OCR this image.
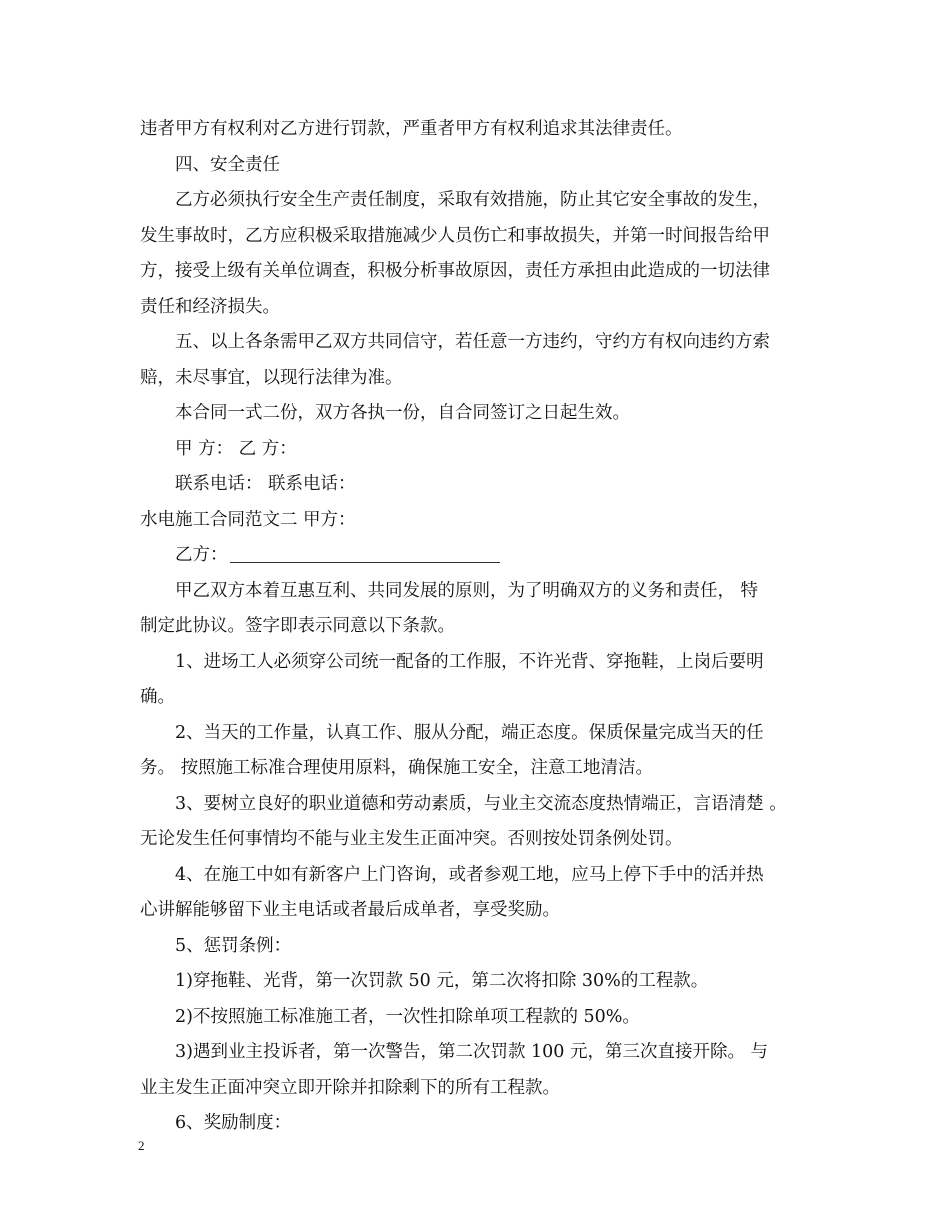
违者甲方有权利对乙方进行罚款，严重者甲方有权利追求其法律责任。
四、安全责任
乙方必须执行安全生产责任制度，采取有效措施，防止其它安全事故的发生，
发生事故时，乙方应积极采取措施减少人员伤亡和事故损失，并第一时间报告给甲
方，接受上级有关单位调查，积极分析事故原因，责任方承担由此造成的一切法律
责任和经济损失。
五、以上各条需甲乙双方共同信守，若任意一方违约，守约方有权向违约方索
赔，未尽事宜，以现行法律为准。
本合同一式二份，双方各执一份，自合同签订之日起生效。
甲 方： 乙 方：
联系电话： 联系电话：
水电施工合同范文二 甲方：
乙方：
甲乙双方本着互惠互利、共同发展的原则，为了明确双方的义务和责任， 特
制定此协议。签字即表示同意以下条款。
1、进场工人必须穿公司统一配备的工作服，不许光背、穿拖鞋，上岗后要明
确。
2、当天的工作量，认真工作、服从分配，端正态度。保质保量完成当天的任
务。 按照施工标准合理使用原料，确保施工安全，注意工地清洁。
3、要树立良好的职业道德和劳动素质，与业主交流态度热情端正，言语清楚 。
无论发生任何事情均不能与业主发生正面冲突。否则按处罚条例处罚。
4、在施工中如有新客户上门咨询，或者参观工地，应马上停下手中的活并热
心讲解能够留下业主电话或者最后成单者，享受奖励。
5、惩罚条例：
1)穿拖鞋、光背，第一次罚款 50 元，第二次将扣除 30%的工程款。
2)不按照施工标准施工者，一次性扣除单项工程款的 50%。
3)遇到业主投诉者，第一次警告，第二次罚款 100 元，第三次直接开除。 与
业主发生正面冲突立即开除并扣除剩下的所有工程款。
6、奖励制度：
2
